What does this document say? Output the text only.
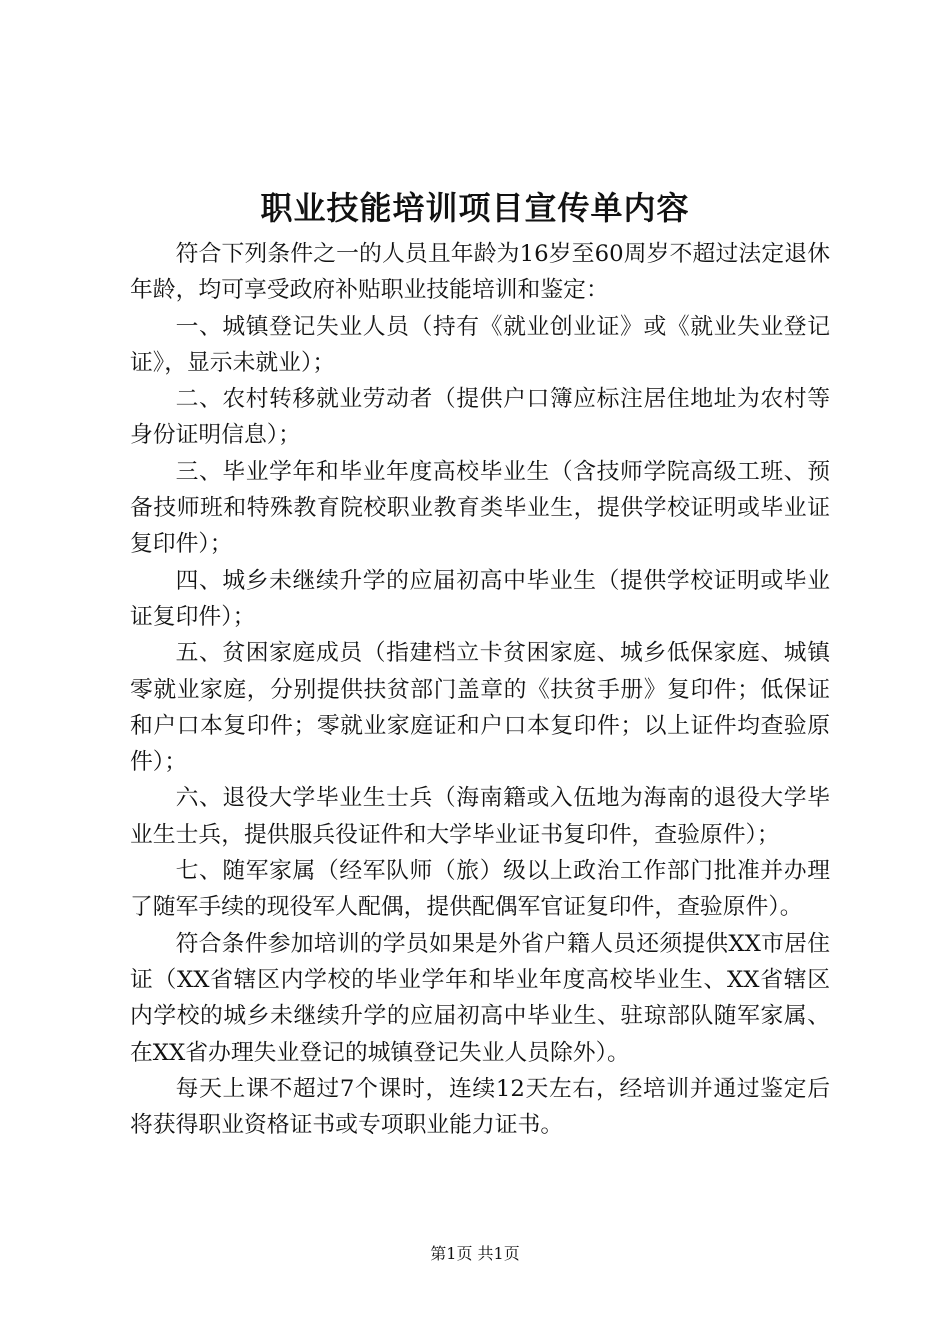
职业技能培训项目宣传单内容

符合下列条件之一的人员且年龄为16岁至60周岁不超过法定退休年龄，均可享受政府补贴职业技能培训和鉴定：

一、城镇登记失业人员（持有《就业创业证》或《就业失业登记证》，显示未就业）；

二、农村转移就业劳动者（提供户口簿应标注居住地址为农村等身份证明信息）；

三、毕业学年和毕业年度高校毕业生（含技师学院高级工班、预备技师班和特殊教育院校职业教育类毕业生，提供学校证明或毕业证复印件）；

四、城乡未继续升学的应届初高中毕业生（提供学校证明或毕业证复印件）；

五、贫困家庭成员（指建档立卡贫困家庭、城乡低保家庭、城镇零就业家庭，分别提供扶贫部门盖章的《扶贫手册》复印件；低保证和户口本复印件；零就业家庭证和户口本复印件；以上证件均查验原件）；

六、退役大学毕业生士兵（海南籍或入伍地为海南的退役大学毕业生士兵，提供服兵役证件和大学毕业证书复印件，查验原件）；

七、随军家属（经军队师（旅）级以上政治工作部门批准并办理了随军手续的现役军人配偶，提供配偶军官证复印件，查验原件）。

符合条件参加培训的学员如果是外省户籍人员还须提供XX市居住证（XX省辖区内学校的毕业学年和毕业年度高校毕业生、XX省辖区内学校的城乡未继续升学的应届初高中毕业生、驻琼部队随军家属、在XX省办理失业登记的城镇登记失业人员除外）。

每天上课不超过7个课时，连续12天左右，经培训并通过鉴定后将获得职业资格证书或专项职业能力证书。

第1页 共1页
